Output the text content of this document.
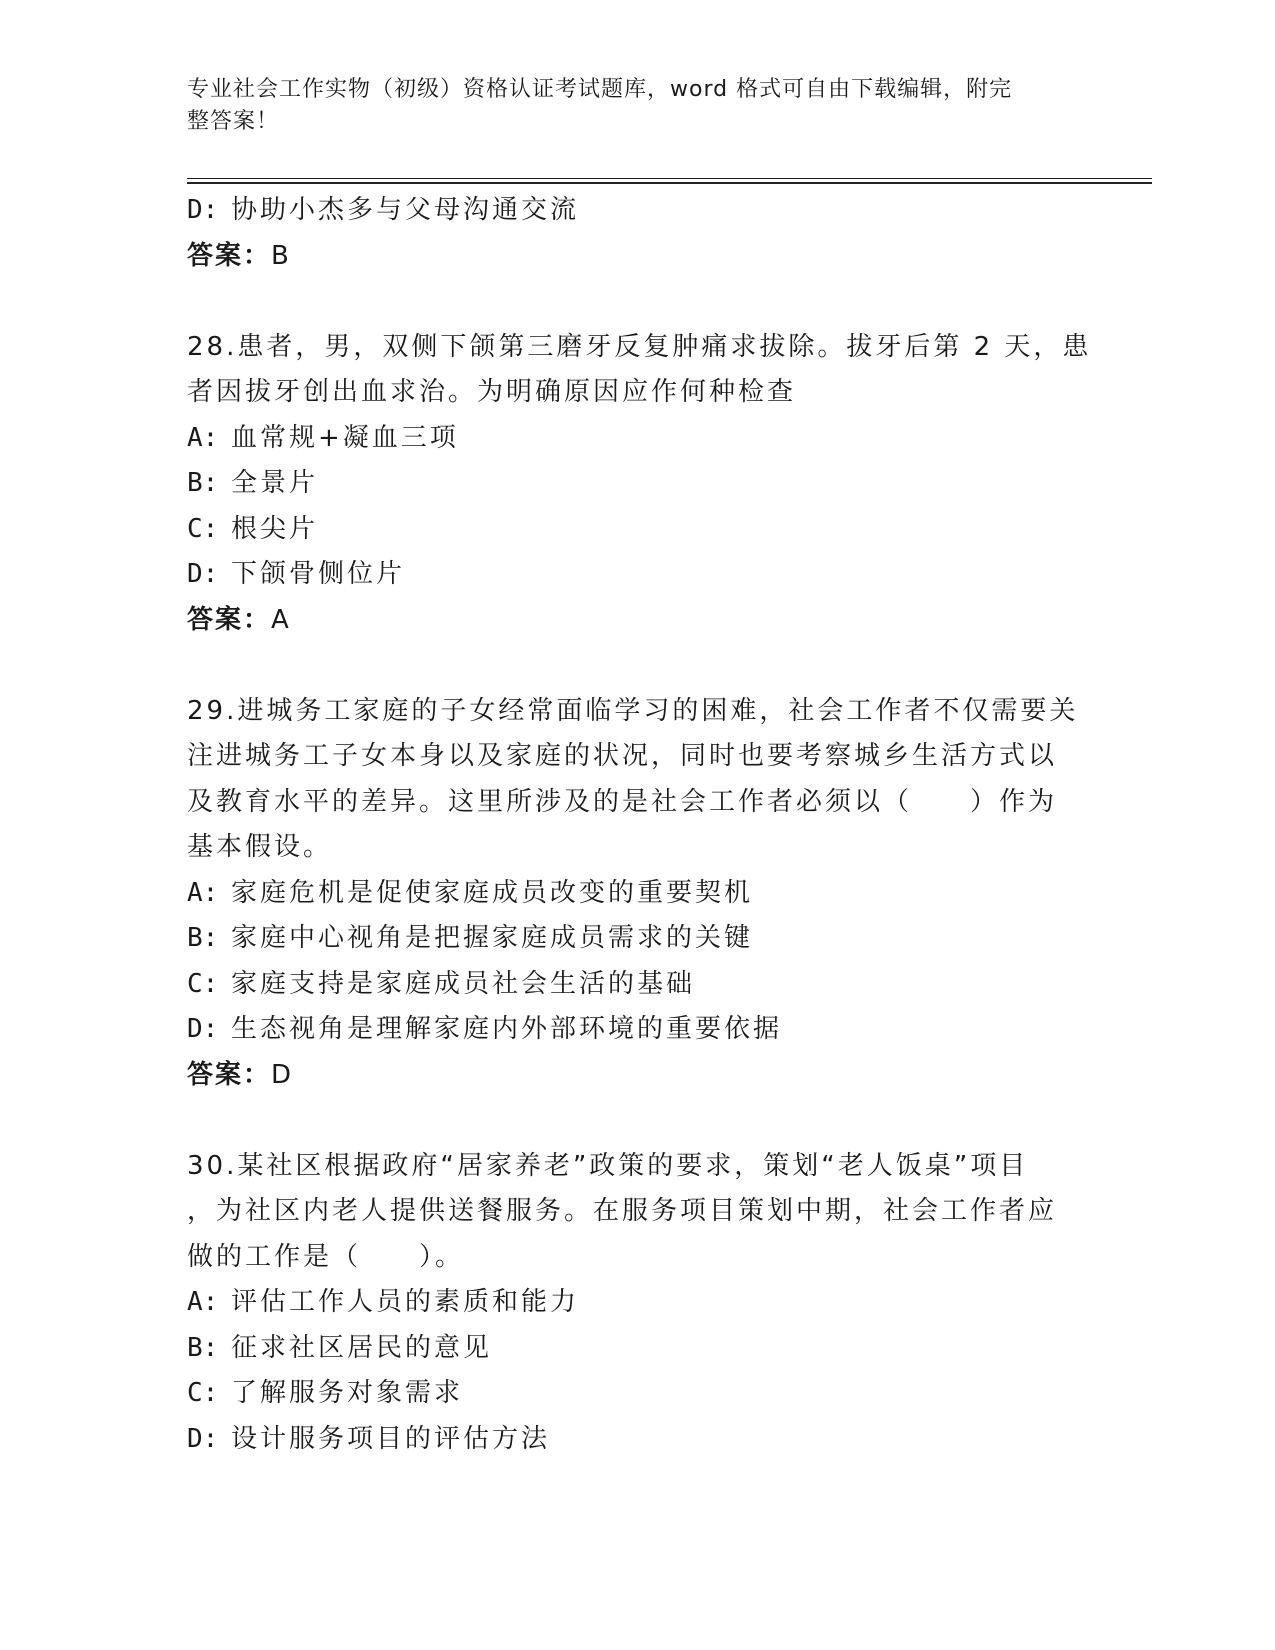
专业社会工作实物（初级）资格认证考试题库，word 格式可自由下载编辑，附完
整答案！
D: 协助小杰多与父母沟通交流
答案：B
28.患者，男，双侧下颌第三磨牙反复肿痛求拔除。拔牙后第 2 天，患
者因拔牙创出血求治。为明确原因应作何种检查
A: 血常规+凝血三项
B: 全景片
C: 根尖片
D: 下颌骨侧位片
答案：A
29.进城务工家庭的子女经常面临学习的困难，社会工作者不仅需要关
注进城务工子女本身以及家庭的状况，同时也要考察城乡生活方式以
及教育水平的差异。这里所涉及的是社会工作者必须以（　　）作为
基本假设。
A: 家庭危机是促使家庭成员改变的重要契机
B: 家庭中心视角是把握家庭成员需求的关键
C: 家庭支持是家庭成员社会生活的基础
D: 生态视角是理解家庭内外部环境的重要依据
答案：D
30.某社区根据政府“居家养老”政策的要求，策划“老人饭桌”项目
，为社区内老人提供送餐服务。在服务项目策划中期，社会工作者应
做的工作是（　　）。
A: 评估工作人员的素质和能力
B: 征求社区居民的意见
C: 了解服务对象需求
D: 设计服务项目的评估方法
